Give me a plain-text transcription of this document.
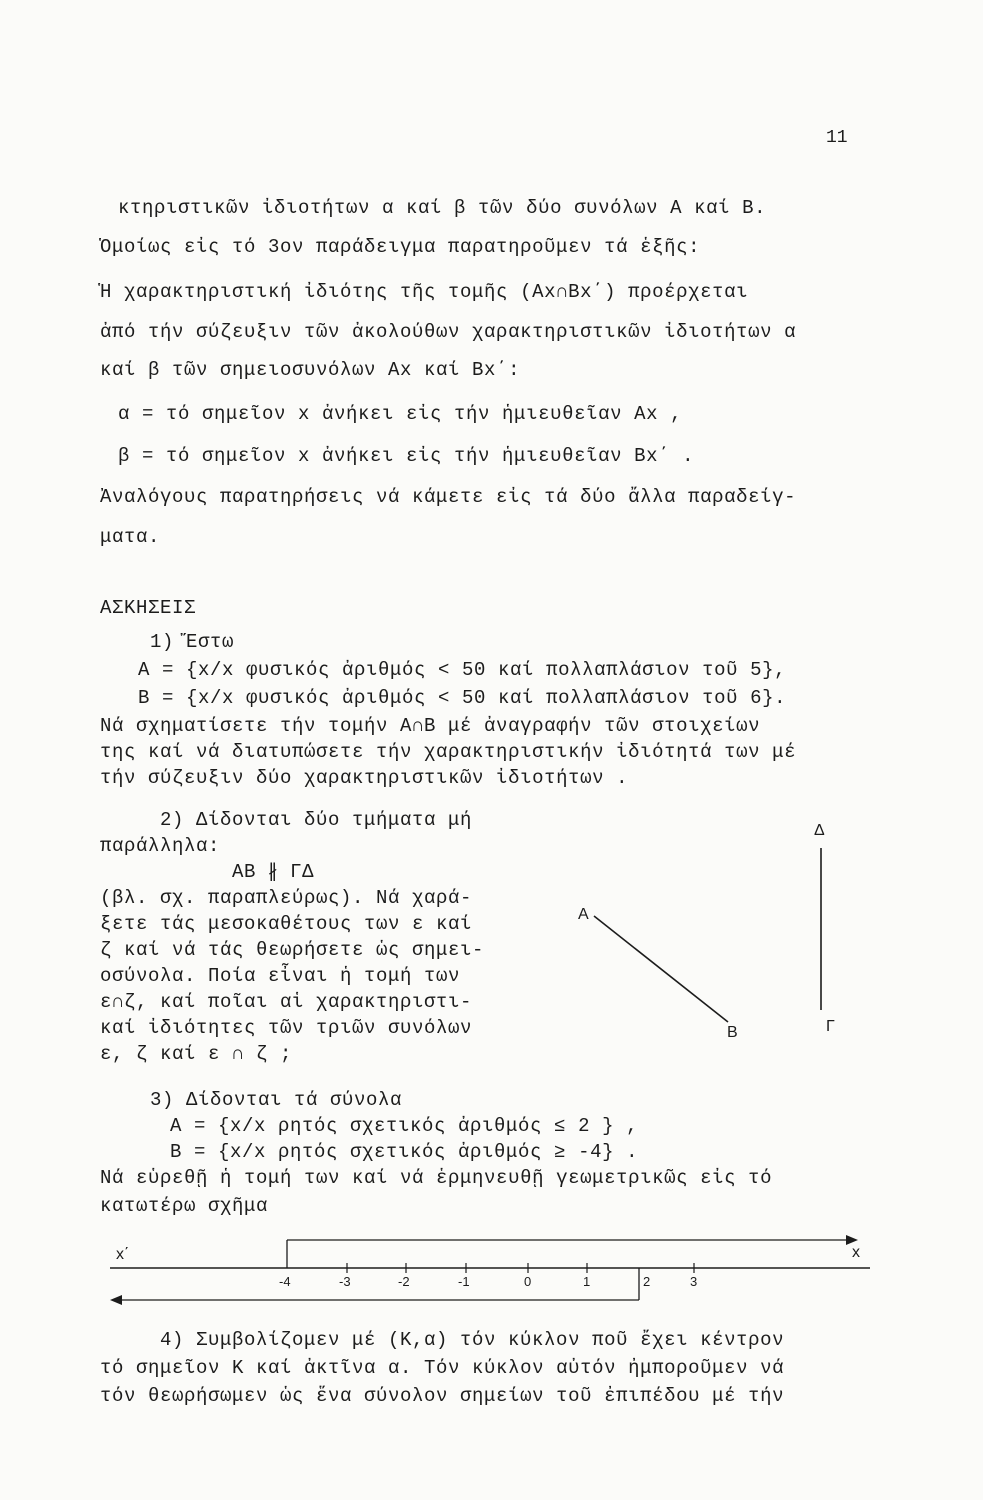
11
κτηριστικῶν ἰδιοτήτων α καί β τῶν δύο συνόλων Α καί Β.
Ὁμοίως εἰς τό 3ον παράδειγμα παρατηροῦμεν τά ἑξῆς:
Ἡ χαρακτηριστική ἰδιότης τῆς τομῆς (Αx∩Βx΄) προέρχεται
ἀπό τήν σύζευξιν τῶν ἀκολούθων χαρακτηριστικῶν ἰδιοτήτων α
καί β τῶν σημειοσυνόλων Αx καί Βx΄:
α = τό σημεῖον x ἀνήκει εἰς τήν ἡμιευθεῖαν Αx ,
β = τό σημεῖον x ἀνήκει εἰς τήν ἡμιευθεῖαν Βx΄ .
Ἀναλόγους παρατηρήσεις νά κάμετε εἰς τά δύο ἄλλα παραδείγ-
ματα.
ΑΣΚΗΣΕΙΣ
1) Ἔστω
Α = {x/x φυσικός ἀριθμός < 50 καί πολλαπλάσιον τοῦ 5},
Β = {x/x φυσικός ἀριθμός < 50 καί πολλαπλάσιον τοῦ 6}.
Νά σχηματίσετε τήν τομήν Α∩Β μέ ἀναγραφήν τῶν στοιχείων
της καί νά διατυπώσετε τήν χαρακτηριστικήν ἰδιότητά των μέ
τήν σύζευξιν δύο χαρακτηριστικῶν ἰδιοτήτων .
2) Δίδονται δύο τμήματα μή
παράλληλα:
ΑΒ ∦ ΓΔ
(βλ. σχ. παραπλεύρως). Νά χαρά-
ξετε τάς μεσοκαθέτους των ε καί
ζ καί νά τάς θεωρήσετε ὡς σημει-
οσύνολα. Ποία εἶναι ἡ τομή των
ε∩ζ, καί ποῖαι αἱ χαρακτηριστι-
καί ἰδιότητες τῶν τριῶν συνόλων
ε, ζ καί ε ∩ ζ ;
Α
Β	Γ
Δ
3) Δίδονται τά σύνολα
Α = {x/x ρητός σχετικός ἀριθμός ≤ 2 } ,
Β = {x/x ρητός σχετικός ἀριθμός ≥ -4} .
Νά εὑρεθῇ ἡ τομή των καί νά ἑρμηνευθῇ γεωμετρικῶς εἰς τό
κατωτέρω σχῆμα
x΄	x
-4	-3	-2	-1	0	1	2	3
4) Συμβολίζομεν μέ (Κ,α) τόν κύκλον ποῦ ἔχει κέντρον
τό σημεῖον Κ καί ἀκτῖνα α. Τόν κύκλον αὐτόν ἠμποροῦμεν νά
τόν θεωρήσωμεν ὡς ἕνα σύνολον σημείων τοῦ ἐπιπέδου μέ τήν
